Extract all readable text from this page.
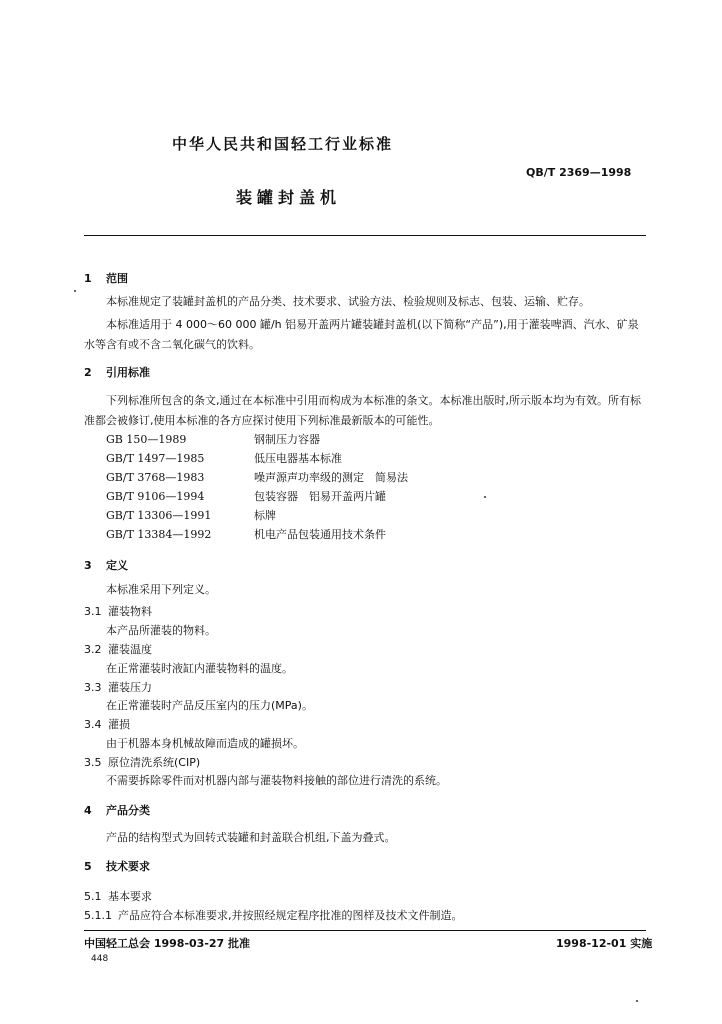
中华人民共和国轻工行业标准
QB/T 2369—1998
装罐封盖机
1 范围
本标准规定了装罐封盖机的产品分类、技术要求、试验方法、检验规则及标志、包装、运输、贮存。
本标准适用于 4 000～60 000 罐/h 铝易开盖两片罐装罐封盖机(以下简称“产品”),用于灌装啤酒、汽水、矿泉水等含有或不含二氧化碳气的饮料。
2 引用标准
下列标准所包含的条文,通过在本标准中引用而构成为本标准的条文。本标准出版时,所示版本均为有效。所有标准都会被修订,使用本标准的各方应探讨使用下列标准最新版本的可能性。
GB 150—1989	钢制压力容器
GB/T 1497—1985	低压电器基本标准
GB/T 3768—1983	噪声源声功率级的测定　简易法
GB/T 9106—1994	包装容器　铝易开盖两片罐
GB/T 13306—1991	标牌
GB/T 13384—1992	机电产品包装通用技术条件
3 定义
本标准采用下列定义。
3.1 灌装物料
本产品所灌装的物料。
3.2 灌装温度
在正常灌装时液缸内灌装物料的温度。
3.3 灌装压力
在正常灌装时产品反压室内的压力(MPa)。
3.4 灌损
由于机器本身机械故障而造成的罐损坏。
3.5 原位清洗系统(CIP)
不需要拆除零件而对机器内部与灌装物料接触的部位进行清洗的系统。
4 产品分类
产品的结构型式为回转式装罐和封盖联合机组,下盖为叠式。
5 技术要求
5.1 基本要求
5.1.1 产品应符合本标准要求,并按照经规定程序批准的图样及技术文件制造。
中国轻工总会 1998-03-27 批准	1998-12-01 实施
448
